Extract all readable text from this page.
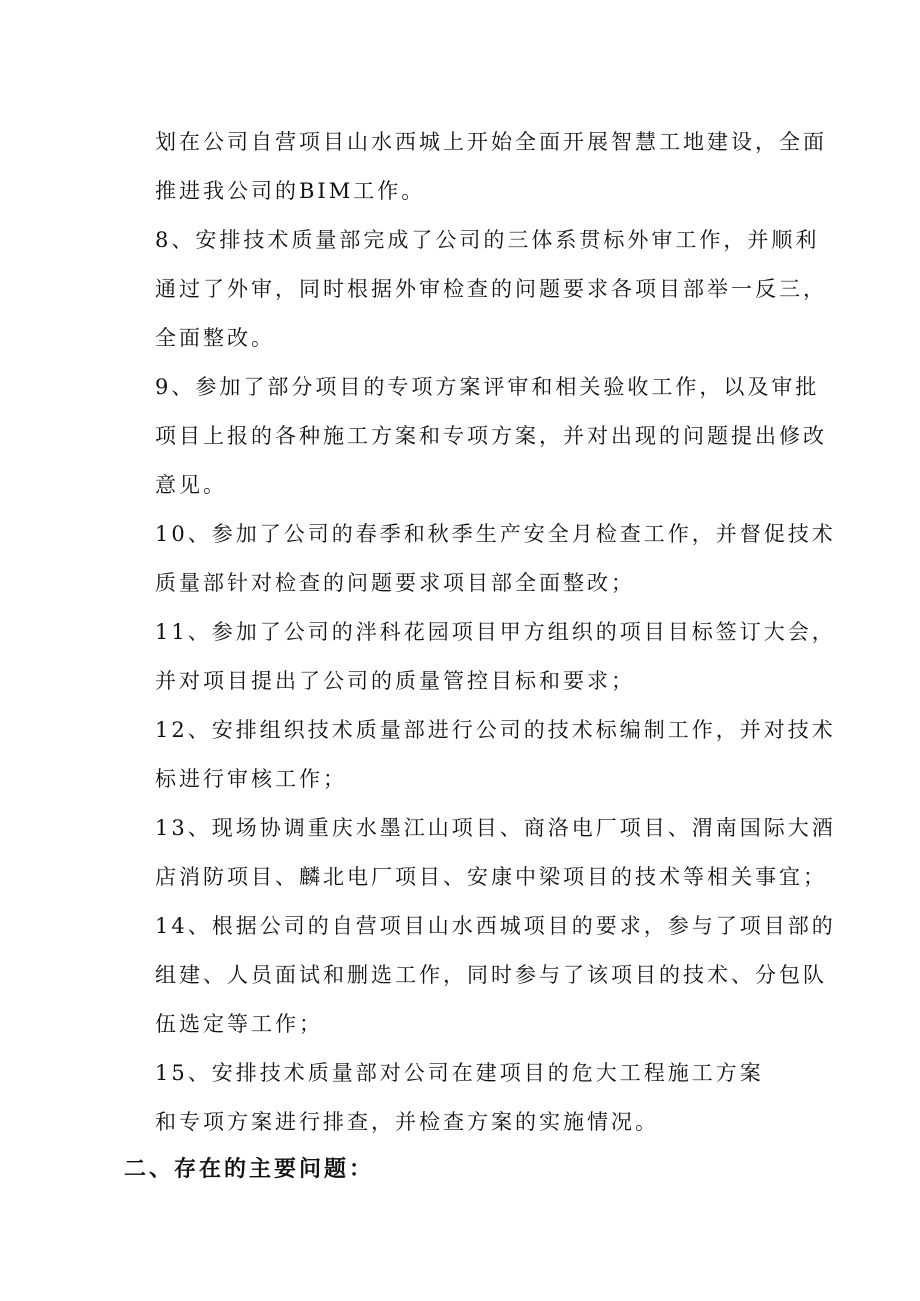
划在公司自营项目山水西城上开始全面开展智慧工地建设，全面
推进我公司的BIM工作。
8、安排技术质量部完成了公司的三体系贯标外审工作，并顺利
通过了外审，同时根据外审检查的问题要求各项目部举一反三，
全面整改。
9、参加了部分项目的专项方案评审和相关验收工作，以及审批
项目上报的各种施工方案和专项方案，并对出现的问题提出修改
意见。
10、参加了公司的春季和秋季生产安全月检查工作，并督促技术
质量部针对检查的问题要求项目部全面整改；
11、参加了公司的泮科花园项目甲方组织的项目目标签订大会，
并对项目提出了公司的质量管控目标和要求；
12、安排组织技术质量部进行公司的技术标编制工作，并对技术
标进行审核工作；
13、现场协调重庆水墨江山项目、商洛电厂项目、渭南国际大酒
店消防项目、麟北电厂项目、安康中梁项目的技术等相关事宜；
14、根据公司的自营项目山水西城项目的要求，参与了项目部的
组建、人员面试和删选工作，同时参与了该项目的技术、分包队
伍选定等工作；
15、安排技术质量部对公司在建项目的危大工程施工方案
和专项方案进行排查，并检查方案的实施情况。
二、存在的主要问题：
